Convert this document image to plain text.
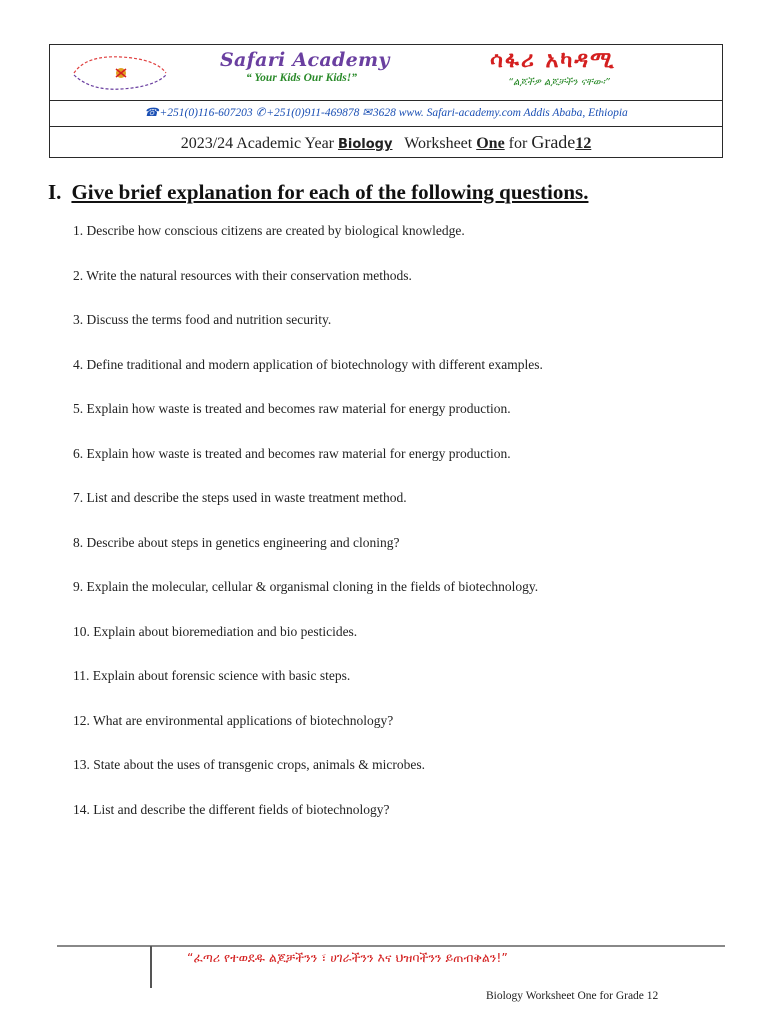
Safari Academy
“ Your Kids Our Kids!”
ሳፋሪ አካዳሚ
“ልጆችዎ ልጆቻችን ናቸው፡”
☎+251(0)116-607203 ✆+251(0)911-469878 ✉3628 www. Safari-academy.com Addis Ababa, Ethiopia
2023/24 Academic Year Biology Worksheet One for Grade12
I. Give brief explanation for each of the following questions.
1. Describe how conscious citizens are created by biological knowledge.
2. Write the natural resources with their conservation methods.
3. Discuss the terms food and nutrition security.
4. Define traditional and modern application of biotechnology with different examples.
5. Explain how waste is treated and becomes raw material for energy production.
6. Explain how waste is treated and becomes raw material for energy production.
7. List and describe the steps used in waste treatment method.
8. Describe about steps in genetics engineering and cloning?
9. Explain the molecular, cellular & organismal cloning in the fields of biotechnology.
10. Explain about bioremediation and bio pesticides.
11. Explain about forensic science with basic steps.
12. What are environmental applications of biotechnology?
13. State about the uses of transgenic crops, animals & microbes.
14. List and describe the different fields of biotechnology?
“ፈጣሪ የተወደዱ ልጆቻችንን ፣ ሀገራችንን እና ህዝባችንን ይጠብቅልን!”
Biology Worksheet One for Grade 12
